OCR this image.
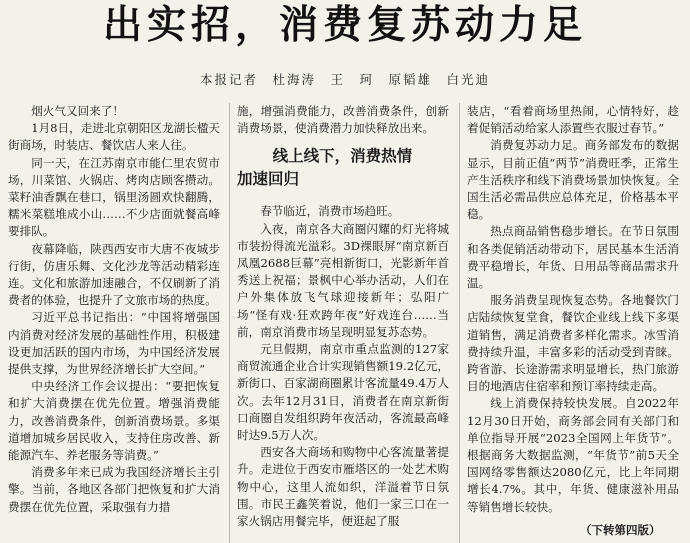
出实招，消费复苏动力足
本报记者　杜海涛　王　珂　原韬雄　白光迪

烟火气又回来了！

1月8日，走进北京朝阳区龙湖长楹天街商场，时装店、餐饮店人来人往。

同一天，在江苏南京市能仁里农贸市场，川菜馆、火锅店、烤肉店顾客攒动。菜籽油香飘在巷口，锅里汤圆欢快翻腾，糯米菜糕堆成小山……不少店面就餐高峰要排队。

夜幕降临，陕西西安市大唐不夜城步行街，仿唐乐舞、文化沙龙等活动精彩连连。文化和旅游加速融合，不仅刷新了消费者的体验，也提升了文旅市场的热度。

习近平总书记指出：“中国将增强国内消费对经济发展的基础性作用，积极建设更加活跃的国内市场，为中国经济发展提供支撑，为世界经济增长扩大空间。”

中央经济工作会议提出：“要把恢复和扩大消费摆在优先位置。增强消费能力，改善消费条件，创新消费场景。多渠道增加城乡居民收入，支持住房改善、新能源汽车、养老服务等消费。”

消费多年来已成为我国经济增长主引擎。当前，各地区各部门把恢复和扩大消费摆在优先位置，采取强有力措

施，增强消费能力，改善消费条件，创新消费场景，使消费潜力加快释放出来。

线上线下，消费热情
加速回归

春节临近，消费市场趋旺。

入夜，南京各大商圈闪耀的灯光将城市装扮得流光溢彩。3D裸眼屏“南京新百凤凰2688巨幕”亮相新街口，光影新年首秀送上祝福；景枫中心举办活动，人们在户外集体放飞气球迎接新年；弘阳广场“怪有戏·狂欢跨年夜”好戏连台……当前，南京消费市场呈现明显复苏态势。

元旦假期，南京市重点监测的127家商贸流通企业合计实现销售额19.2亿元，新街口、百家湖商圈累计客流量49.4万人次。去年12月31日，消费者在南京新街口商圈自发组织跨年夜活动，客流最高峰时达9.5万人次。

西安各大商场和购物中心客流量著提升。走进位于西安市雁塔区的一处艺术购物中心，这里人流如织，洋溢着节日氛围。市民王鑫笑着说，他们一家三口在一家火锅店用餐完毕，便逛起了服

装店，“看着商场里热闹，心情特好，趁着促销活动给家人添置些衣服过春节。”

消费复苏动力足。商务部发布的数据显示，目前正值“两节”消费旺季，正常生产生活秩序和线下消费场景加快恢复。全国生活必需品供应总体充足，价格基本平稳。

热点商品销售稳步增长。在节日氛围和各类促销活动带动下，居民基本生活消费平稳增长，年货、日用品等商品需求升温。

服务消费呈现恢复态势。各地餐饮门店陆续恢复堂食，餐饮企业线上线下多渠道销售，满足消费者多样化需求。冰雪消费持续升温，丰富多彩的活动受到青睐。跨省游、长途游需求明显增长，热门旅游目的地酒店住宿率和预订率持续走高。

线上消费保持较快发展。自2022年12月30日开始，商务部会同有关部门和单位指导开展“2023全国网上年货节”。根据商务大数据监测，“年货节”前5天全国网络零售额达2080亿元，比上年同期增长4.7%。其中，年货、健康滋补用品等销售增长较快。

（下转第四版）
